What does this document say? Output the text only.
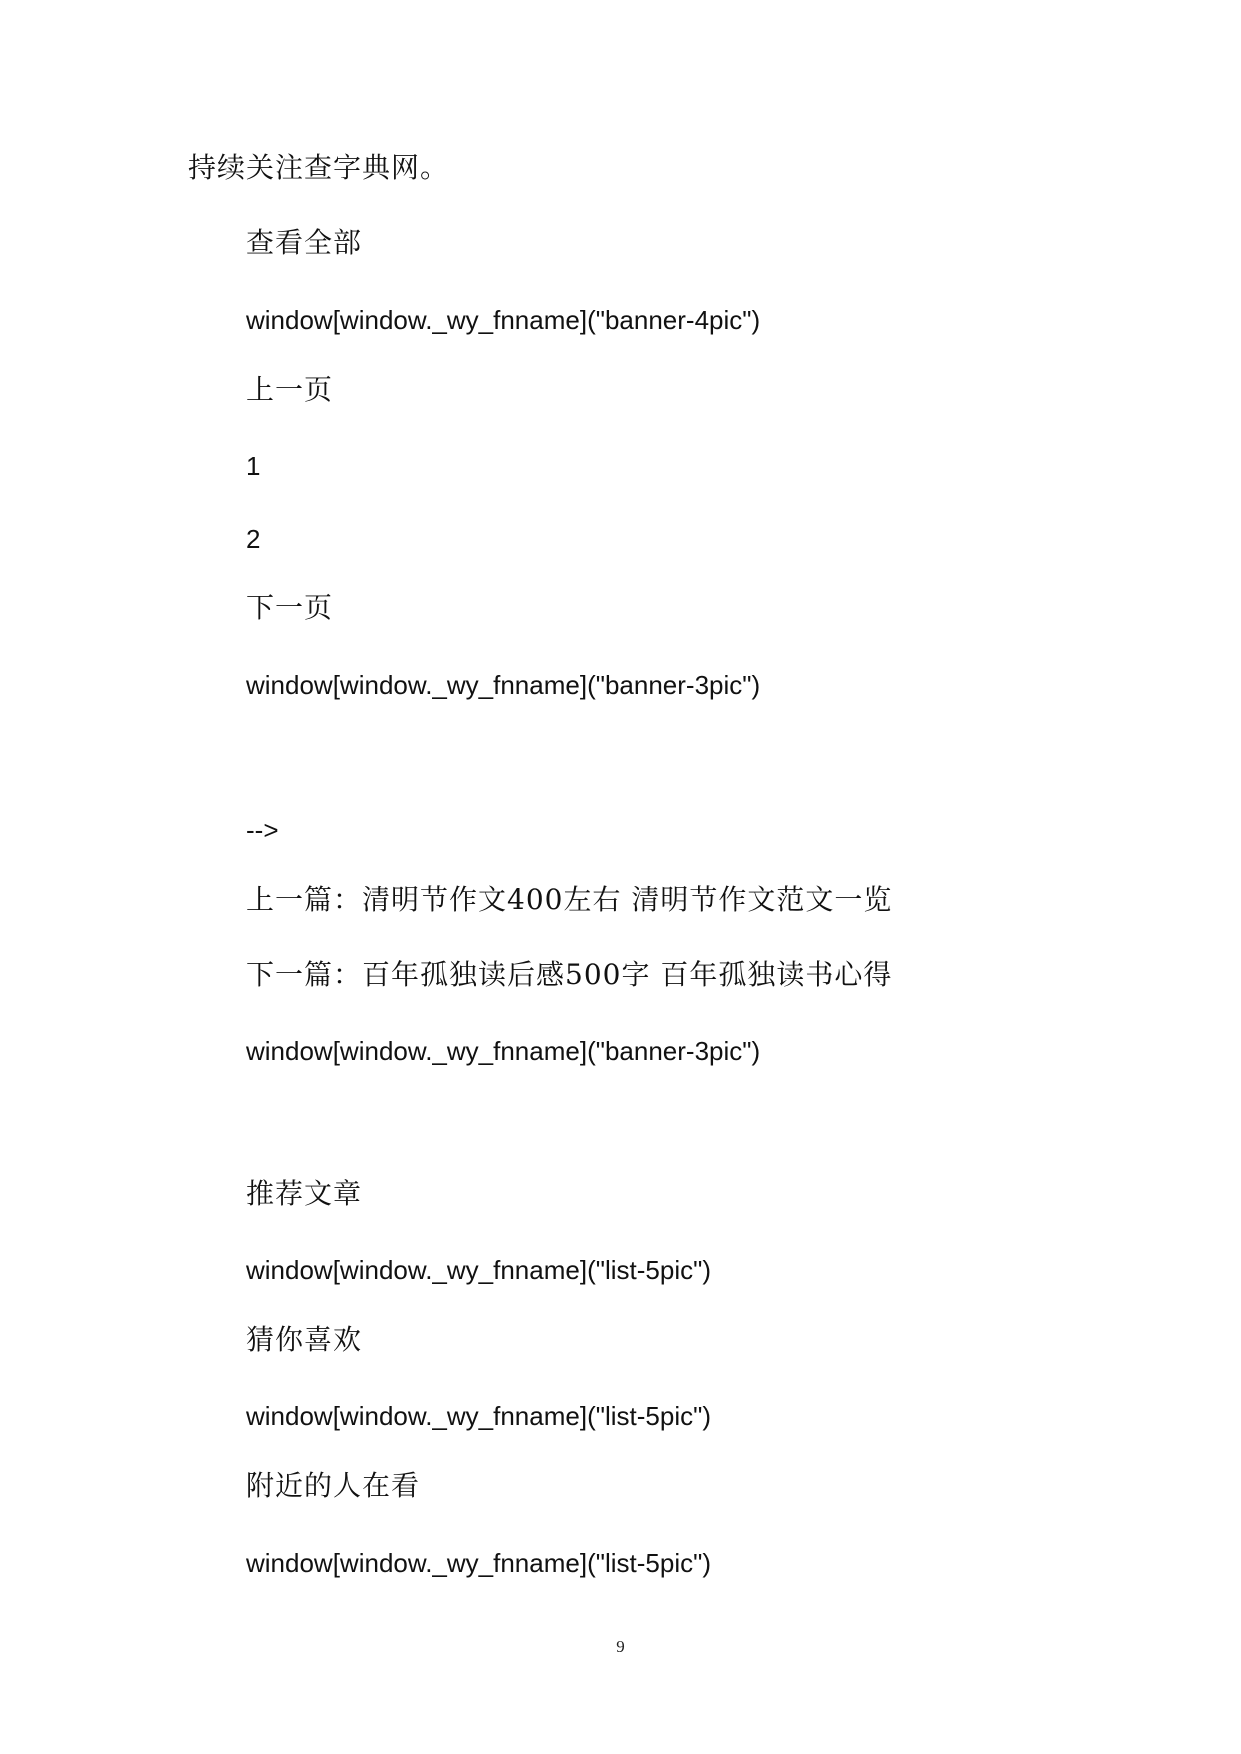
持续关注查字典网。
查看全部
window[window._wy_fnname]("banner-4pic")
上一页
1
2
下一页
window[window._wy_fnname]("banner-3pic")
-->
上一篇：清明节作文400左右 清明节作文范文一览
下一篇：百年孤独读后感500字 百年孤独读书心得
window[window._wy_fnname]("banner-3pic")
推荐文章
window[window._wy_fnname]("list-5pic")
猜你喜欢
window[window._wy_fnname]("list-5pic")
附近的人在看
window[window._wy_fnname]("list-5pic")
9
